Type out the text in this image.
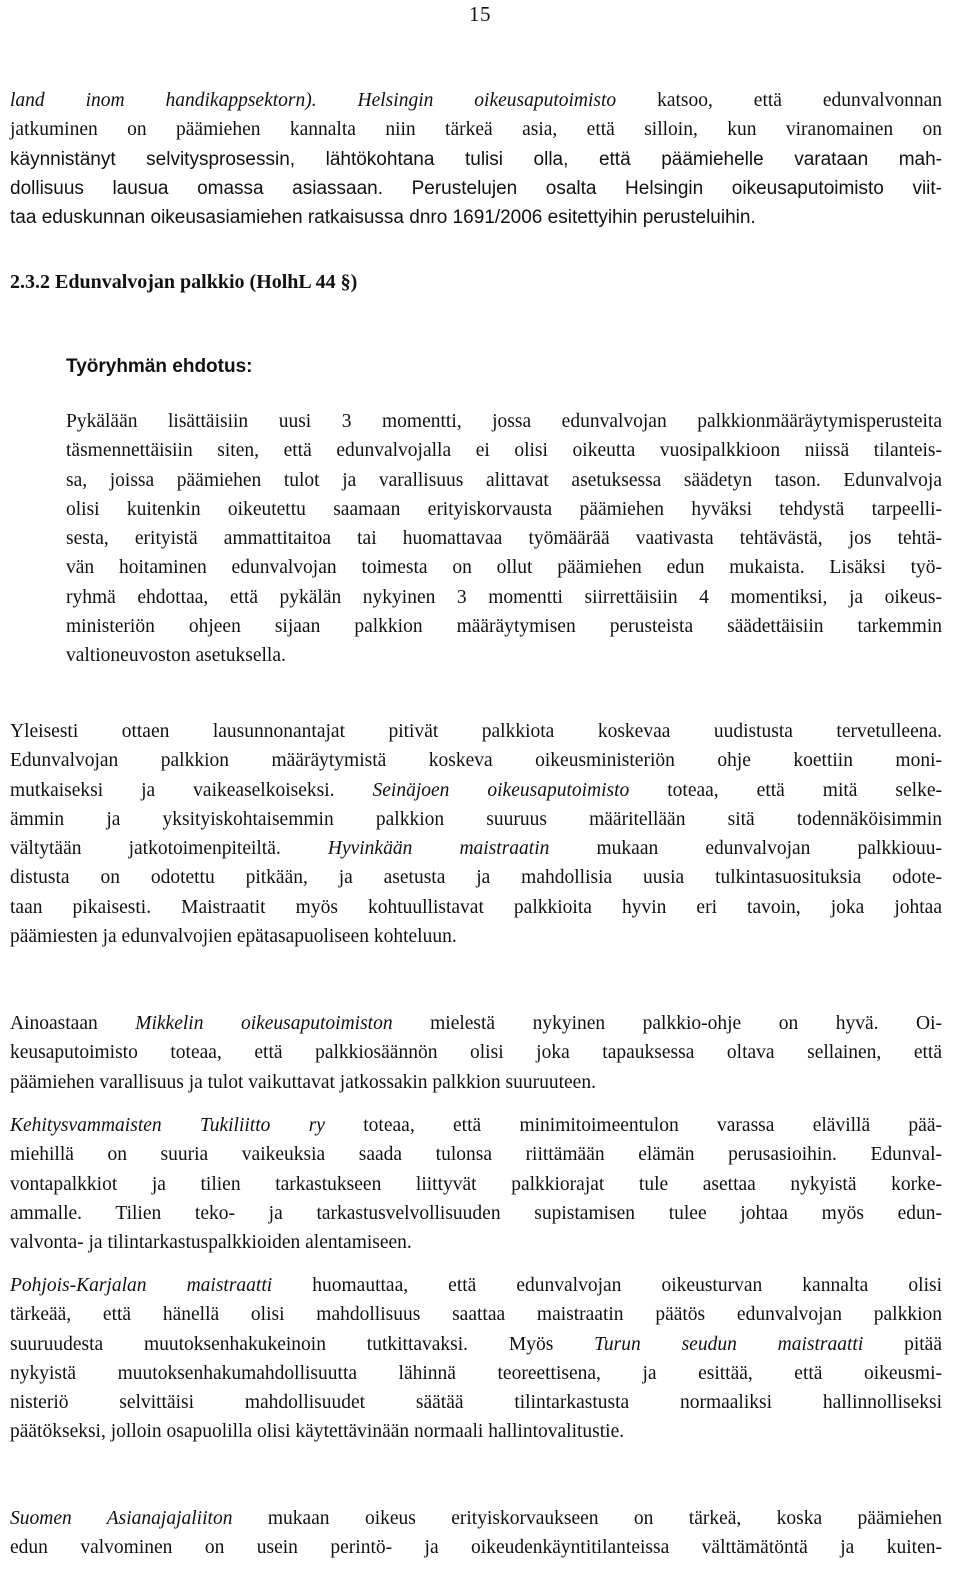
15
land inom handikappsektorn). Helsingin oikeusaputoimisto katsoo, että edunvalvonnan
jatkuminen on päämiehen kannalta niin tärkeä asia, että silloin, kun viranomainen on
käynnistänyt selvitysprosessin, lähtökohtana tulisi olla, että päämiehelle varataan mah-
dollisuus lausua omassa asiassaan. Perustelujen osalta Helsingin oikeusaputoimisto viit-
taa eduskunnan oikeusasiamiehen ratkaisussa dnro 1691/2006 esitettyihin perusteluihin.
2.3.2 Edunvalvojan palkkio (HolhL 44 §)
Työryhmän ehdotus:
Pykälään lisättäisiin uusi 3 momentti, jossa edunvalvojan palkkionmääräytymisperusteita
täsmennettäisiin siten, että edunvalvojalla ei olisi oikeutta vuosipalkkioon niissä tilanteis-
sa, joissa päämiehen tulot ja varallisuus alittavat asetuksessa säädetyn tason. Edunvalvoja
olisi kuitenkin oikeutettu saamaan erityiskorvausta päämiehen hyväksi tehdystä tarpeelli-
sesta, erityistä ammattitaitoa tai huomattavaa työmäärää vaativasta tehtävästä, jos tehtä-
vän hoitaminen edunvalvojan toimesta on ollut päämiehen edun mukaista. Lisäksi työ-
ryhmä ehdottaa, että pykälän nykyinen 3 momentti siirrettäisiin 4 momentiksi, ja oikeus-
ministeriön ohjeen sijaan palkkion määräytymisen perusteista säädettäisiin tarkemmin
valtioneuvoston asetuksella.
Yleisesti ottaen lausunnonantajat pitivät palkkiota koskevaa uudistusta tervetulleena.
Edunvalvojan palkkion määräytymistä koskeva oikeusministeriön ohje koettiin moni-
mutkaiseksi ja vaikeaselkoiseksi. Seinäjoen oikeusaputoimisto toteaa, että mitä selke-
ämmin ja yksityiskohtaisemmin palkkion suuruus määritellään sitä todennäköisimmin
vältytään jatkotoimenpiteiltä. Hyvinkään maistraatin mukaan edunvalvojan palkkiouu-
distusta on odotettu pitkään, ja asetusta ja mahdollisia uusia tulkintasuosituksia odote-
taan pikaisesti. Maistraatit myös kohtuullistavat palkkioita hyvin eri tavoin, joka johtaa
päämiesten ja edunvalvojien epätasapuoliseen kohteluun.
Ainoastaan Mikkelin oikeusaputoimiston mielestä nykyinen palkkio-ohje on hyvä. Oi-
keusaputoimisto toteaa, että palkkiosäännön olisi joka tapauksessa oltava sellainen, että
päämiehen varallisuus ja tulot vaikuttavat jatkossakin palkkion suuruuteen.
Kehitysvammaisten Tukiliitto ry toteaa, että minimitoimeentulon varassa elävillä pää-
miehillä on suuria vaikeuksia saada tulonsa riittämään elämän perusasioihin. Edunval-
vontapalkkiot ja tilien tarkastukseen liittyvät palkkiorajat tule asettaa nykyistä korke-
ammalle. Tilien teko- ja tarkastusvelvollisuuden supistamisen tulee johtaa myös edun-
valvonta- ja tilintarkastuspalkkioiden alentamiseen.
Pohjois-Karjalan maistraatti huomauttaa, että edunvalvojan oikeusturvan kannalta olisi
tärkeää, että hänellä olisi mahdollisuus saattaa maistraatin päätös edunvalvojan palkkion
suuruudesta muutoksenhakukeinoin tutkittavaksi. Myös Turun seudun maistraatti pitää
nykyistä muutoksenhakumahdollisuutta lähinnä teoreettisena, ja esittää, että oikeusmi-
nisteriö selvittäisi mahdollisuudet säätää tilintarkastusta normaaliksi hallinnolliseksi
päätökseksi, jolloin osapuolilla olisi käytettävinään normaali hallintovalitustie.
Suomen Asianajajaliiton mukaan oikeus erityiskorvaukseen on tärkeä, koska päämiehen
edun valvominen on usein perintö- ja oikeudenkäyntitilanteissa välttämätöntä ja kuiten-
